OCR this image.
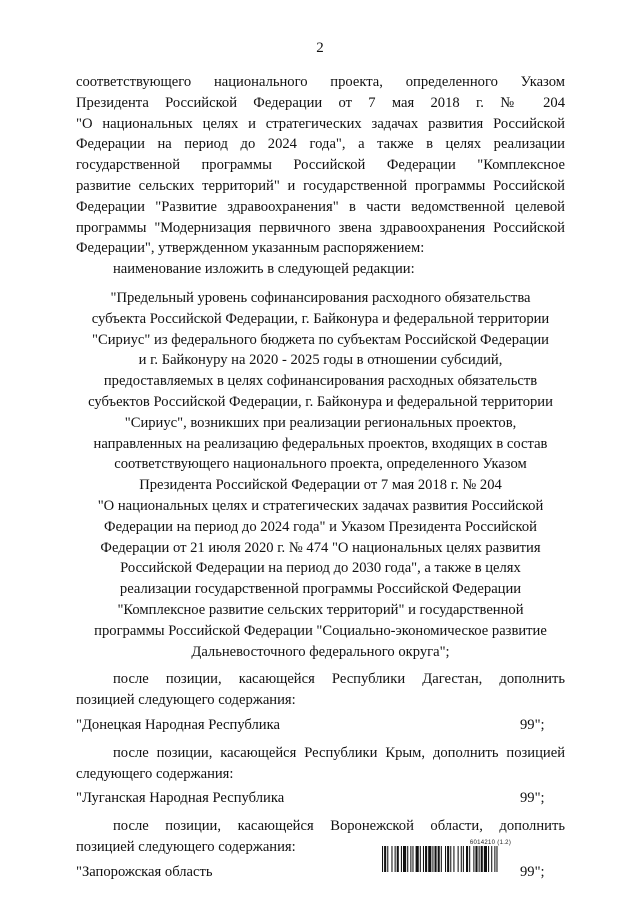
2

соответствующего национального проекта, определенного Указом

Президента Российской Федерации от 7 мая 2018 г. № 204

"О национальных целях и стратегических задачах развития Российской

Федерации на период до 2024 года", а также в целях реализации

государственной программы Российской Федерации "Комплексное

развитие сельских территорий" и государственной программы Российской

Федерации "Развитие здравоохранения" в части ведомственной целевой

программы "Модернизация первичного звена здравоохранения Российской

Федерации", утвержденном указанным распоряжением:

наименование изложить в следующей редакции:

"Предельный уровень софинансирования расходного обязательства
субъекта Российской Федерации, г. Байконура и федеральной территории
"Сириус" из федерального бюджета по субъектам Российской Федерации
и г. Байконуру на 2020 - 2025 годы в отношении субсидий,
предоставляемых в целях софинансирования расходных обязательств
субъектов Российской Федерации, г. Байконура и федеральной территории
"Сириус", возникших при реализации региональных проектов,
направленных на реализацию федеральных проектов, входящих в состав
соответствующего национального проекта, определенного Указом
Президента Российской Федерации от 7 мая 2018 г. № 204
"О национальных целях и стратегических задачах развития Российской
Федерации на период до 2024 года" и Указом Президента Российской
Федерации от 21 июля 2020 г. № 474 "О национальных целях развития
Российской Федерации на период до 2030 года", а также в целях
реализации государственной программы Российской Федерации
"Комплексное развитие сельских территорий" и государственной
программы Российской Федерации "Социально-экономическое развитие
Дальневосточного федерального округа";

после позиции, касающейся Республики Дагестан, дополнить

позицией следующего содержания:

"Донецкая Народная Республика	99";

после позиции, касающейся Республики Крым, дополнить позицией

следующего содержания:

"Луганская Народная Республика	99";

после позиции, касающейся Воронежской области, дополнить

позицией следующего содержания:

"Запорожская область	99";
6014210 (1.2)
